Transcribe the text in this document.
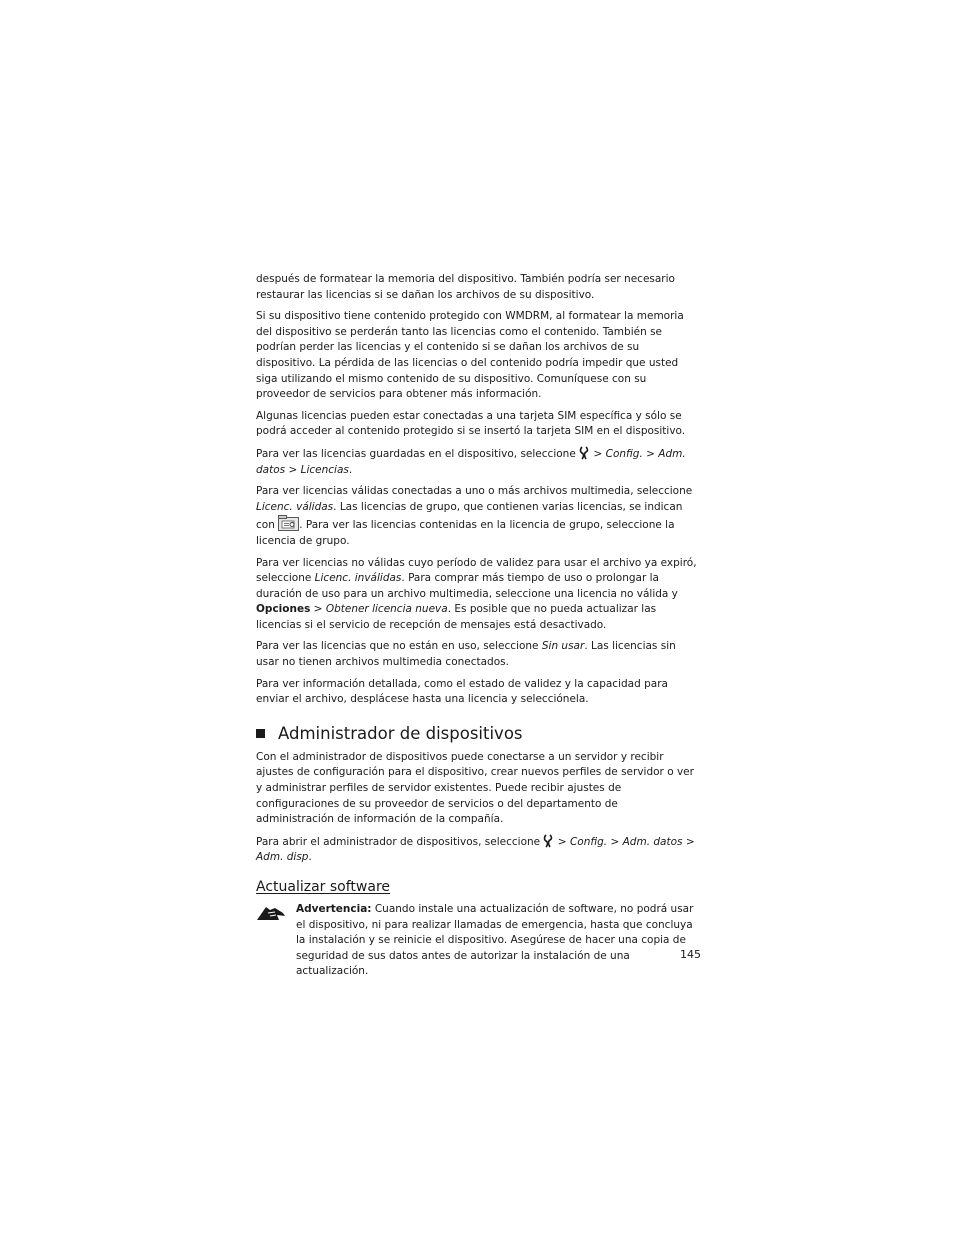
después de formatear la memoria del dispositivo. También podría ser necesario restaurar las licencias si se dañan los archivos de su dispositivo.

Si su dispositivo tiene contenido protegido con WMDRM, al formatear la memoria del dispositivo se perderán tanto las licencias como el contenido. También se podrían perder las licencias y el contenido si se dañan los archivos de su dispositivo. La pérdida de las licencias o del contenido podría impedir que usted siga utilizando el mismo contenido de su dispositivo. Comuníquese con su proveedor de servicios para obtener más información.

Algunas licencias pueden estar conectadas a una tarjeta SIM específica y sólo se podrá acceder al contenido protegido si se insertó la tarjeta SIM en el dispositivo.

Para ver las licencias guardadas en el dispositivo, seleccione  > Config. > Adm. datos > Licencias.

Para ver licencias válidas conectadas a uno o más archivos multimedia, seleccione Licenc. válidas. Las licencias de grupo, que contienen varias licencias, se indican con . Para ver las licencias contenidas en la licencia de grupo, seleccione la licencia de grupo.

Para ver licencias no válidas cuyo período de validez para usar el archivo ya expiró, seleccione Licenc. inválidas. Para comprar más tiempo de uso o prolongar la duración de uso para un archivo multimedia, seleccione una licencia no válida y Opciones > Obtener licencia nueva. Es posible que no pueda actualizar las licencias si el servicio de recepción de mensajes está desactivado.

Para ver las licencias que no están en uso, seleccione Sin usar. Las licencias sin usar no tienen archivos multimedia conectados.

Para ver información detallada, como el estado de validez y la capacidad para enviar el archivo, desplácese hasta una licencia y selecciónela.

Administrador de dispositivos

Con el administrador de dispositivos puede conectarse a un servidor y recibir ajustes de configuración para el dispositivo, crear nuevos perfiles de servidor o ver y administrar perfiles de servidor existentes. Puede recibir ajustes de configuraciones de su proveedor de servicios o del departamento de administración de información de la compañía.

Para abrir el administrador de dispositivos, seleccione  > Config. > Adm. datos > Adm. disp.

Actualizar software

Advertencia: Cuando instale una actualización de software, no podrá usar el dispositivo, ni para realizar llamadas de emergencia, hasta que concluya la instalación y se reinicie el dispositivo. Asegúrese de hacer una copia de seguridad de sus datos antes de autorizar la instalación de una actualización.

145
